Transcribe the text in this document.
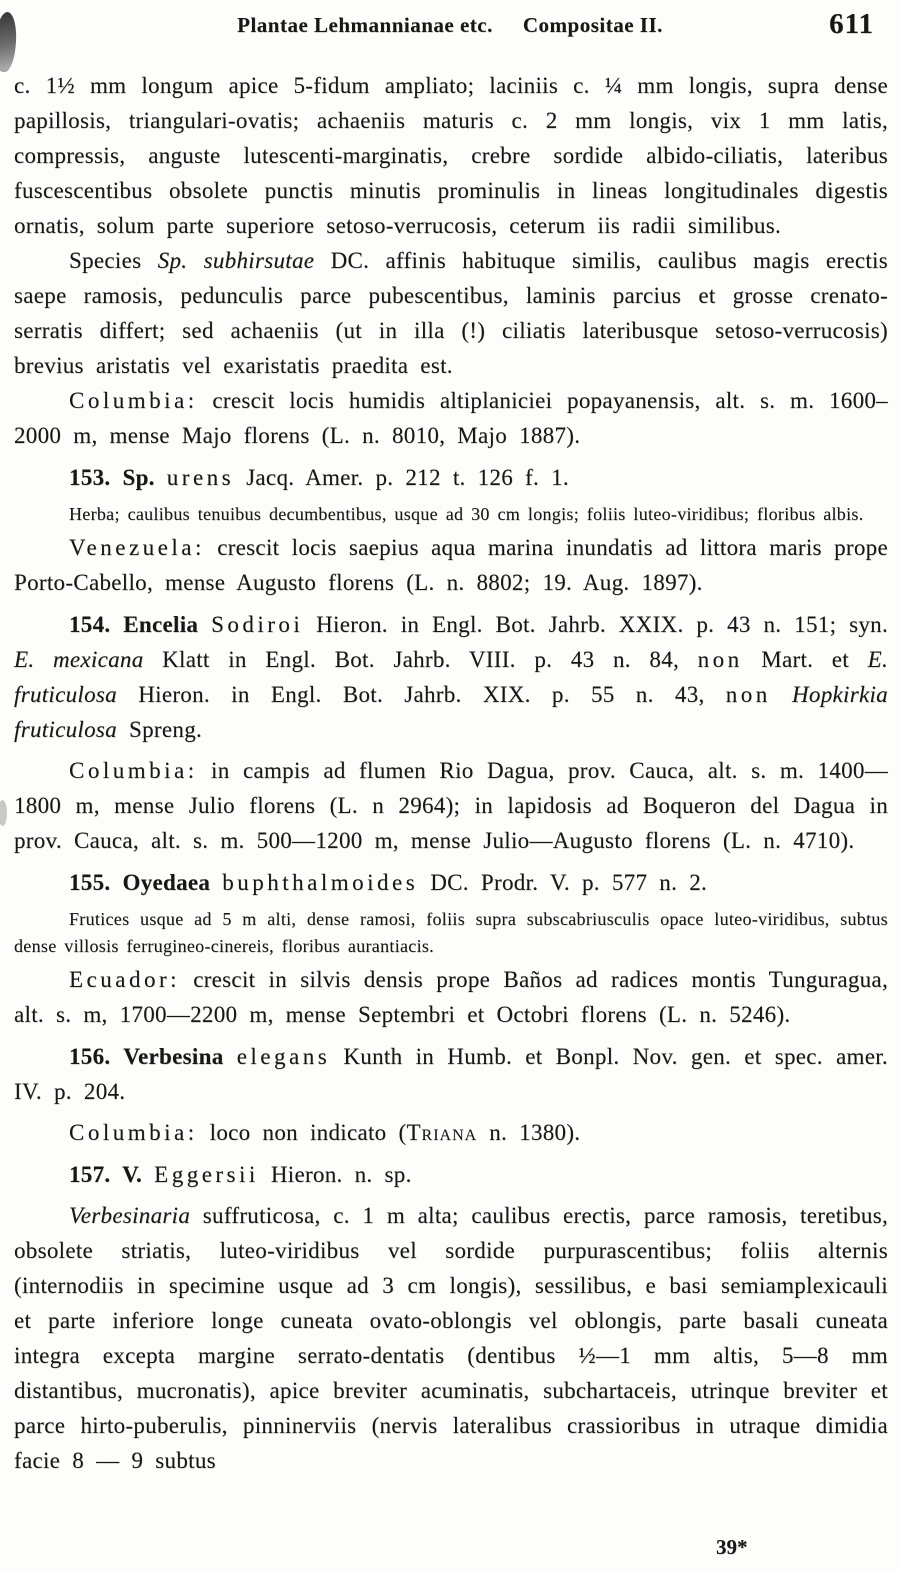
Plantae Lehmannianae etc. Compositae II.	611

c. 1½ mm longum apice 5-fidum ampliato; laciniis c. ¼ mm longis, supra dense papillosis, triangulari-ovatis; achaeniis maturis c. 2 mm longis, vix 1 mm latis, compressis, anguste lutescenti-marginatis, crebre sordide albido-ciliatis, lateribus fuscescentibus obsolete punctis minutis prominulis in lineas longitudinales digestis ornatis, solum parte superiore setoso-verrucosis, ceterum iis radii similibus.

Species Sp. subhirsutae DC. affinis habituque similis, caulibus magis erectis saepe ramosis, pedunculis parce pubescentibus, laminis parcius et grosse crenato-serratis differt; sed achaeniis (ut in illa (!) ciliatis lateribusque setoso-verrucosis) brevius aristatis vel exaristatis praedita est.

Columbia: crescit locis humidis altiplaniciei popayanensis, alt. s. m. 1600– 2000 m, mense Majo florens (L. n. 8010, Majo 1887).

153. Sp. urens Jacq. Amer. p. 212 t. 126 f. 1.

Herba; caulibus tenuibus decumbentibus, usque ad 30 cm longis; foliis luteo-viridibus; floribus albis.

Venezuela: crescit locis saepius aqua marina inundatis ad littora maris prope Porto-Cabello, mense Augusto florens (L. n. 8802; 19. Aug. 1897).

154. Encelia Sodiroi Hieron. in Engl. Bot. Jahrb. XXIX. p. 43 n. 151; syn. E. mexicana Klatt in Engl. Bot. Jahrb. VIII. p. 43 n. 84, non Mart. et E. fruticulosa Hieron. in Engl. Bot. Jahrb. XIX. p. 55 n. 43, non Hopkirkia fruticulosa Spreng.

Columbia: in campis ad flumen Rio Dagua, prov. Cauca, alt. s. m. 1400—1800 m, mense Julio florens (L. n 2964); in lapidosis ad Boqueron del Dagua in prov. Cauca, alt. s. m. 500—1200 m, mense Julio—Augusto florens (L. n. 4710).

155. Oyedaea buphthalmoides DC. Prodr. V. p. 577 n. 2.

Frutices usque ad 5 m alti, dense ramosi, foliis supra subscabriusculis opace luteo-viridibus, subtus dense villosis ferrugineo-cinereis, floribus aurantiacis.

Ecuador: crescit in silvis densis prope Baños ad radices montis Tunguragua, alt. s. m, 1700—2200 m, mense Septembri et Octobri florens (L. n. 5246).

156. Verbesina elegans Kunth in Humb. et Bonpl. Nov. gen. et spec. amer. IV. p. 204.

Columbia: loco non indicato (Triana n. 1380).

157. V. Eggersii Hieron. n. sp.

Verbesinaria suffruticosa, c. 1 m alta; caulibus erectis, parce ramosis, teretibus, obsolete striatis, luteo-viridibus vel sordide purpurascentibus; foliis alternis (internodiis in specimine usque ad 3 cm longis), sessilibus, e basi semiamplexicauli et parte inferiore longe cuneata ovato-oblongis vel oblongis, parte basali cuneata integra excepta margine serrato-dentatis (dentibus ½—1 mm altis, 5—8 mm distantibus, mucronatis), apice breviter acuminatis, subchartaceis, utrinque breviter et parce hirto-puberulis, pinninerviis (nervis lateralibus crassioribus in utraque dimidia facie 8 — 9 subtus

39*
